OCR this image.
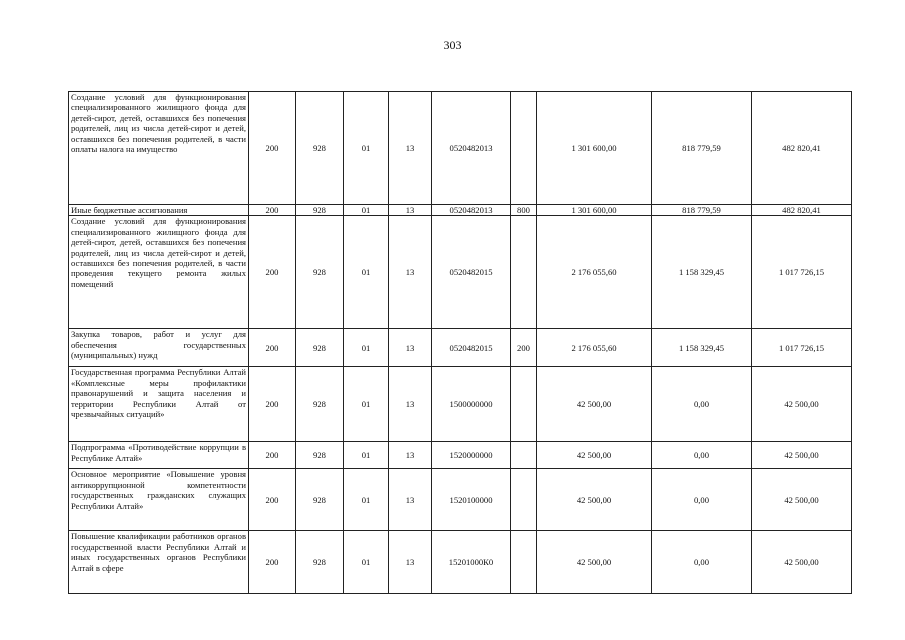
303
Создание условий для функционирования специализированного жилищного фонда для детей-сирот, детей, оставшихся без попечения родителей, лиц из числа детей-сирот и детей, оставшихся без попечения родителей, в части оплаты налога на имущество	200	928	01	13	0520482013		1 301 600,00	818 779,59	482 820,41
Иные бюджетные ассигнования	200	928	01	13	0520482013	800	1 301 600,00	818 779,59	482 820,41
Создание условий для функционирования специализированного жилищного фонда для детей-сирот, детей, оставшихся без попечения родителей, лиц из числа детей-сирот и детей, оставшихся без попечения родителей, в части проведения текущего ремонта жилых помещений	200	928	01	13	0520482015		2 176 055,60	1 158 329,45	1 017 726,15
Закупка товаров, работ и услуг для обеспечения государственных (муниципальных) нужд	200	928	01	13	0520482015	200	2 176 055,60	1 158 329,45	1 017 726,15
Государственная программа Республики Алтай «Комплексные меры профилактики правонарушений и защита населения и территории Республики Алтай от чрезвычайных ситуаций»	200	928	01	13	1500000000		42 500,00	0,00	42 500,00
Подпрограмма «Противодействие коррупции в Республике Алтай»	200	928	01	13	1520000000		42 500,00	0,00	42 500,00
Основное мероприятие «Повышение уровня антикоррупционной компетентности государственных гражданских служащих Республики Алтай»	200	928	01	13	1520100000		42 500,00	0,00	42 500,00
Повышение квалификации работников органов государственной власти Республики Алтай и иных государственных органов Республики Алтай в сфере	200	928	01	13	15201000К0		42 500,00	0,00	42 500,00
